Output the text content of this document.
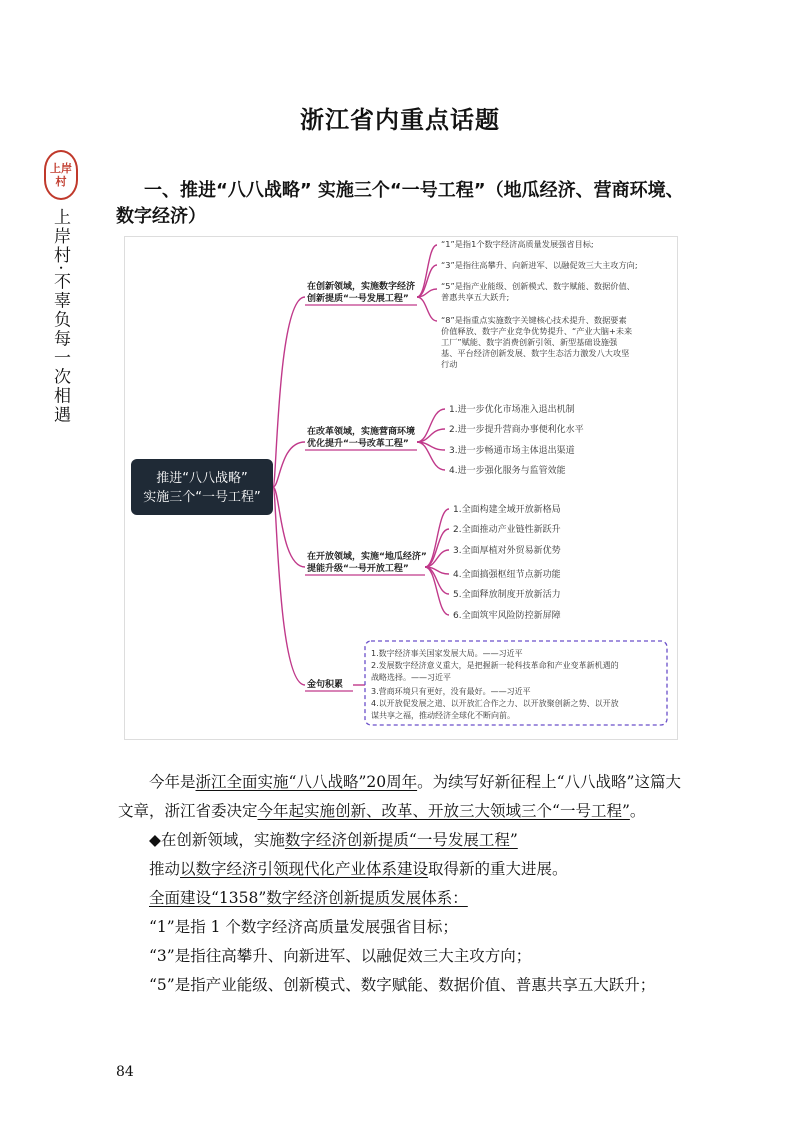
上岸
村
上岸村·不辜负每一次相遇
浙江省内重点话题
一、推进“八八战略” 实施三个“一号工程”（地瓜经济、营商环境、数字经济）
推进“八八战略”
实施三个“一号工程”
在创新领域，实施数字经济
创新提质“一号发展工程”
在改革领域，实施营商环境
优化提升“一号改革工程”
在开放领域，实施“地瓜经济”
提能升级“一号开放工程”
金句积累
“1”是指1个数字经济高质量发展强省目标;
“3”是指往高攀升、向新进军、以融促效三大主攻方向;
“5”是指产业能级、创新模式、数字赋能、数据价值、
普惠共享五大跃升;
“8”是指重点实施数字关键核心技术提升、数据要素
价值释放、数字产业竞争优势提升、“产业大脑+未来
工厂”赋能、数字消费创新引领、新型基础设施强
基、平台经济创新发展、数字生态活力激发八大攻坚
行动
1.进一步优化市场准入退出机制
2.进一步提升营商办事便利化水平
3.进一步畅通市场主体退出渠道
4.进一步强化服务与监管效能
1.全面构建全域开放新格局
2.全面推动产业链性新跃升
3.全面厚植对外贸易新优势
4.全面搞强枢纽节点新功能
5.全面释放制度开放新活力
6.全面筑牢风险防控新屏障
1.数字经济事关国家发展大局。——习近平
2.发展数字经济意义重大，是把握新一轮科技革命和产业变革新机遇的
战略选择。——习近平
3.营商环境只有更好，没有最好。——习近平
4.以开放促发展之道、以开放汇合作之力、以开放聚创新之势、以开放
谋共享之福，推动经济全球化不断向前。

今年是浙江全面实施“八八战略”20周年。为续写好新征程上“八八战略”这篇大文章，浙江省委决定今年起实施创新、改革、开放三大领域三个“一号工程”。

◆在创新领域，实施数字经济创新提质“一号发展工程”

推动以数字经济引领现代化产业体系建设取得新的重大进展。

全面建设“1358”数字经济创新提质发展体系：

“1”是指 1 个数字经济高质量发展强省目标；

“3”是指往高攀升、向新进军、以融促效三大主攻方向；

“5”是指产业能级、创新模式、数字赋能、数据价值、普惠共享五大跃升；

84
